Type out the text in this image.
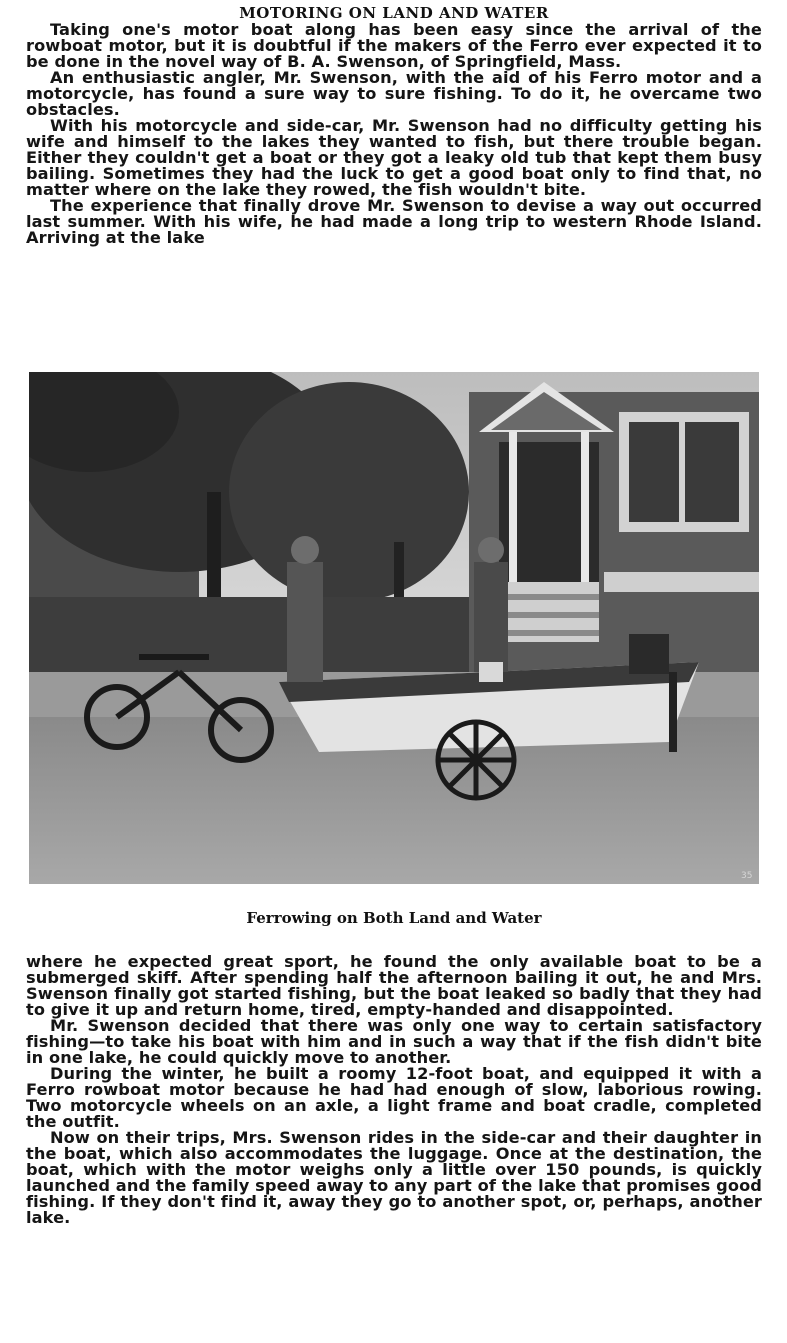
MOTORING ON LAND AND WATER

Taking one's motor boat along has been easy since the arrival of the rowboat motor, but it is doubtful if the makers of the Ferro ever expected it to be done in the novel way of B. A. Swenson, of Springfield, Mass.

An enthusiastic angler, Mr. Swenson, with the aid of his Ferro motor and a motorcycle, has found a sure way to sure fishing. To do it, he overcame two obstacles.

With his motorcycle and side-car, Mr. Swenson had no difficulty getting his wife and himself to the lakes they wanted to fish, but there trouble began. Either they couldn't get a boat or they got a leaky old tub that kept them busy bailing. Sometimes they had the luck to get a good boat only to find that, no matter where on the lake they rowed, the fish wouldn't bite.

The experience that finally drove Mr. Swenson to devise a way out occurred last summer. With his wife, he had made a long trip to western Rhode Island. Arriving at the lake

35
Ferrowing on Both Land and Water

where he expected great sport, he found the only available boat to be a submerged skiff. After spending half the afternoon bailing it out, he and Mrs. Swenson finally got started fishing, but the boat leaked so badly that they had to give it up and return home, tired, empty-handed and disappointed.

Mr. Swenson decided that there was only one way to certain satisfactory fishing—to take his boat with him and in such a way that if the fish didn't bite in one lake, he could quickly move to another.

During the winter, he built a roomy 12-foot boat, and equipped it with a Ferro rowboat motor because he had had enough of slow, laborious rowing. Two motorcycle wheels on an axle, a light frame and boat cradle, completed the outfit.

Now on their trips, Mrs. Swenson rides in the side-car and their daughter in the boat, which also accommodates the luggage. Once at the destination, the boat, which with the motor weighs only a little over 150 pounds, is quickly launched and the family speed away to any part of the lake that promises good fishing. If they don't find it, away they go to another spot, or, perhaps, another lake.
